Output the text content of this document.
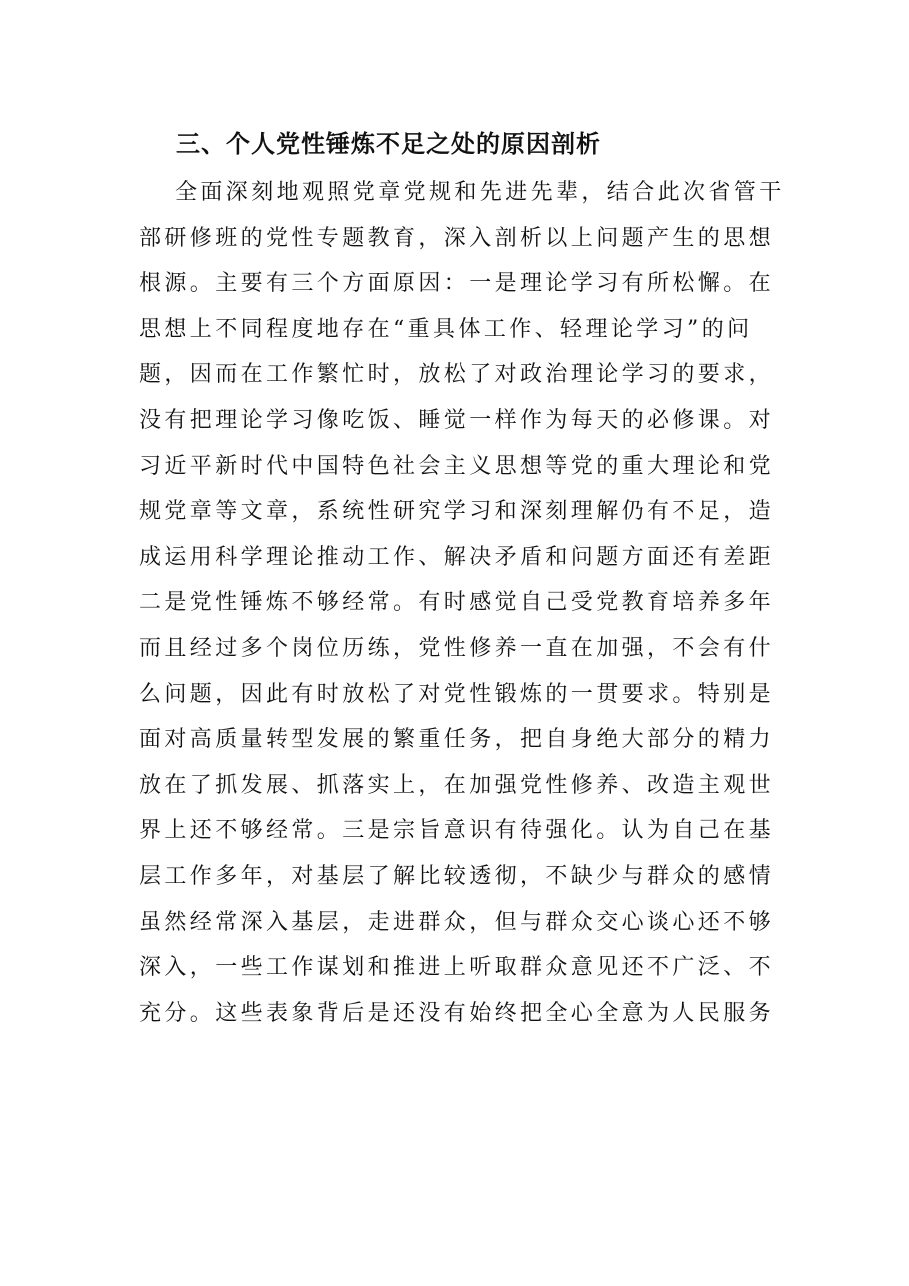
三、个人党性锤炼不足之处的原因剖析
全面深刻地观照党章党规和先进先辈，结合此次省管干
部研修班的党性专题教育，深入剖析以上问题产生的思想
根源。主要有三个方面原因：一是理论学习有所松懈。在
思想上不同程度地存在“重具体工作、轻理论学习”的问
题，因而在工作繁忙时，放松了对政治理论学习的要求，
没有把理论学习像吃饭、睡觉一样作为每天的必修课。对
习近平新时代中国特色社会主义思想等党的重大理论和党
规党章等文章，系统性研究学习和深刻理解仍有不足，造
成运用科学理论推动工作、解决矛盾和问题方面还有差距
二是党性锤炼不够经常。有时感觉自己受党教育培养多年
而且经过多个岗位历练，党性修养一直在加强，不会有什
么问题，因此有时放松了对党性锻炼的一贯要求。特别是
面对高质量转型发展的繁重任务，把自身绝大部分的精力
放在了抓发展、抓落实上，在加强党性修养、改造主观世
界上还不够经常。三是宗旨意识有待强化。认为自己在基
层工作多年，对基层了解比较透彻，不缺少与群众的感情
虽然经常深入基层，走进群众，但与群众交心谈心还不够
深入，一些工作谋划和推进上听取群众意见还不广泛、不
充分。这些表象背后是还没有始终把全心全意为人民服务
